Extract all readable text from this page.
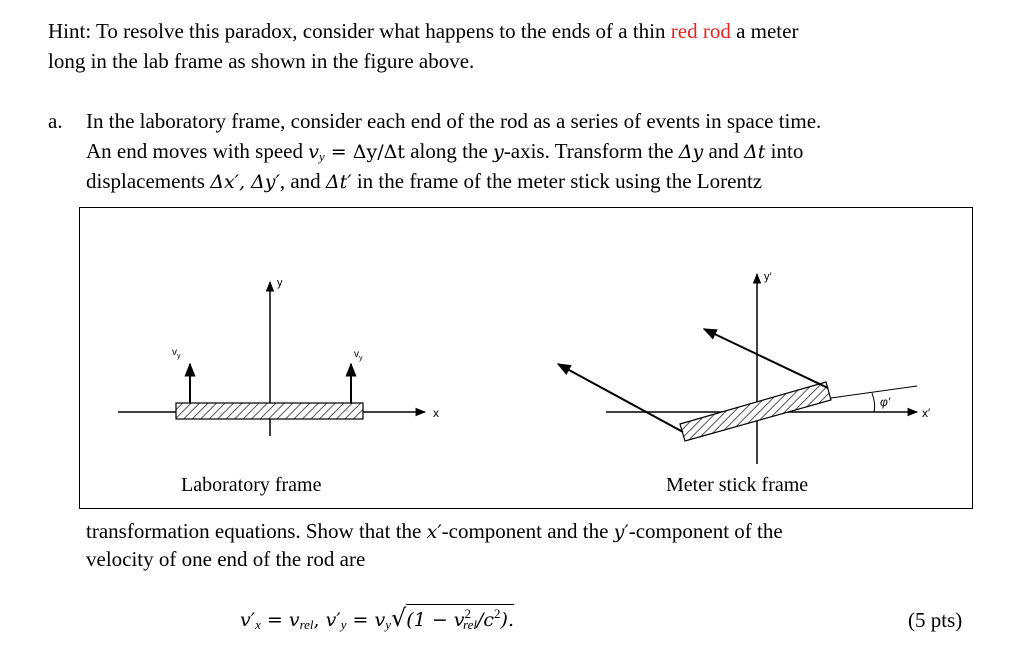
Hint: To resolve this paradox, consider what happens to the ends of a thin red rod a meter
long in the lab frame as shown in the figure above.
a. In the laboratory frame, consider each end of the rod as a series of events in space time.
An end moves with speed $v_y = \Delta y/\Delta t$ along the y-axis. Transform the Δy and Δt into
displacements Δx′, Δy′, and Δt′ in the frame of the meter stick using the Lorentz
y
x
$v_y$	$v_y$
y′
x′
φ′
Laboratory frame	Meter stick frame
transformation equations. Show that the x′-component and the y′-component of the
velocity of one end of the rod are
$v'_x = v_{rel}$, $v'_y = v_y√(1 - v^2_{rel}/c^2)$.	(5 pts)
